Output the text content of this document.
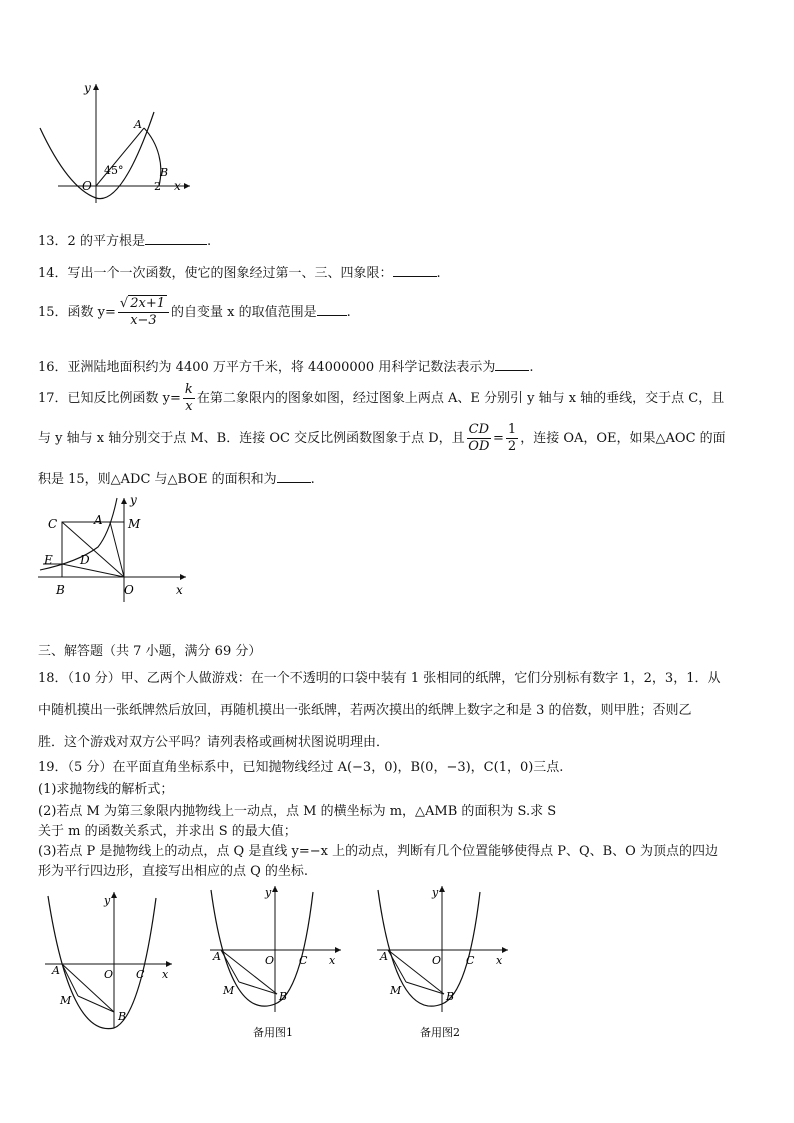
y
A
45°	B
O	2 x
13．2 的平方根是	.
14．写出一个一次函数，使它的图象经过第一、三、四象限：	.
15．函数 $y= \frac{√ 2x+1}{x-3}$ 的自变量 x 的取值范围是 .
16．亚洲陆地面积约为 4400 万平方千米，将 44000000 用科学记数法表示为	.
17．已知反比例函数 $y= \frac{k}{x}$ 在第二象限内的图象如图，经过图象上两点 A、E 分别引 y 轴与 x 轴的垂线，交于点 C，且
与 y 轴与 x 轴分别交于点 M、B．连接 OC 交反比例函数图象于点 D，且 $\frac{CD}{OD} = \frac{1}{2}$ ，连接 OA，OE，如果△AOC 的面
积是 15，则△ADC 与△BOE 的面积和为	.
y
C	A M
E D
B	O	x
三、解答题（共 7 小题，满分 69 分）
18．（10 分）甲、乙两个人做游戏：在一个不透明的口袋中装有 1 张相同的纸牌，它们分别标有数字 1，2，3，1．从
中随机摸出一张纸牌然后放回，再随机摸出一张纸牌，若两次摸出的纸牌上数字之和是 3 的倍数，则甲胜；否则乙
胜．这个游戏对双方公平吗？请列表格或画树状图说明理由．
19．（5 分）在平面直角坐标系中，已知抛物线经过 A(−3，0)，B(0，−3)，C(1，0)三点.
(1)求抛物线的解析式；
(2)若点 M 为第三象限内抛物线上一动点，点 M 的横坐标为 m，△AMB 的面积为 S.求 S
关于 m 的函数关系式，并求出 S 的最大值；
(3)若点 P 是抛物线上的动点，点 Q 是直线 y=−x 上的动点，判断有几个位置能够使得点 P、Q、B、O 为顶点的四边
形为平行四边形，直接写出相应的点 Q 的坐标.
y
A	O C x
M
B
y
A	O C x
M	B
备用图1
y
A	O C x
M	B
备用图2
